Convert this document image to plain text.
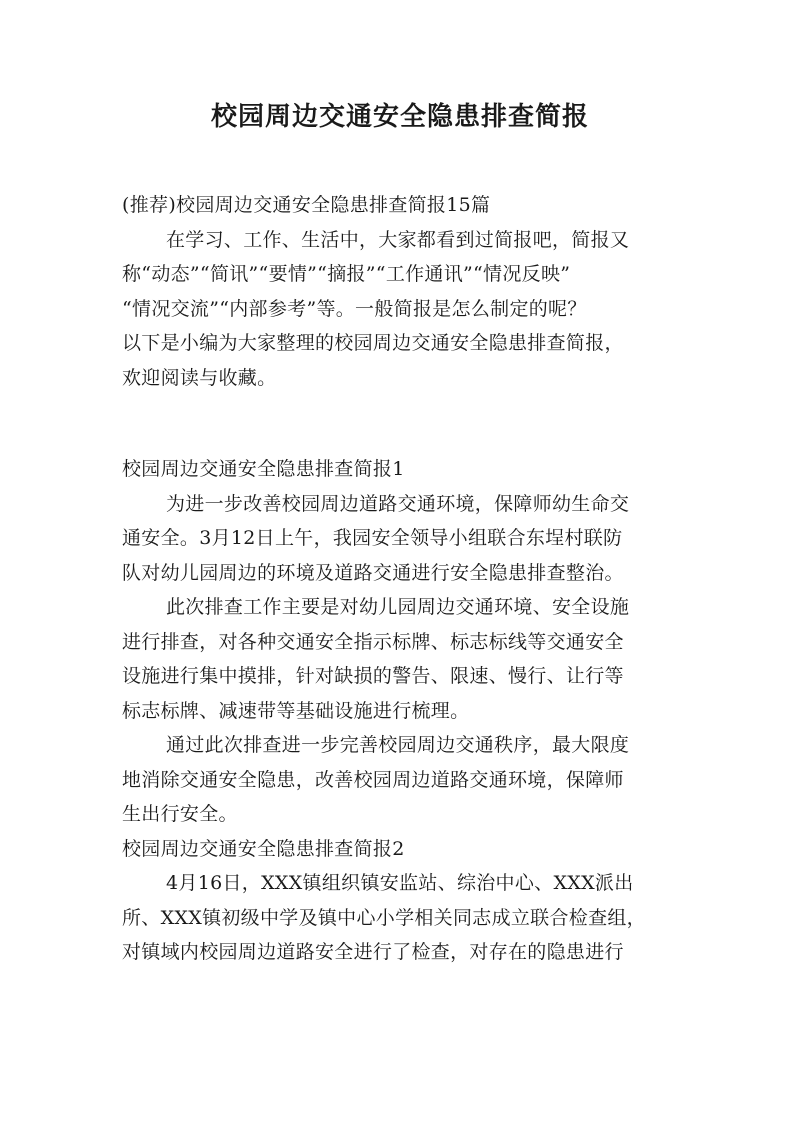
校园周边交通安全隐患排查简报
(推荐)校园周边交通安全隐患排查简报15篇
在学习、工作、生活中，大家都看到过简报吧，简报又
称“动态”“简讯”“要情”“摘报”“工作通讯”“情况反映”
“情况交流”“内部参考”等。一般简报是怎么制定的呢？
以下是小编为大家整理的校园周边交通安全隐患排查简报，
欢迎阅读与收藏。
校园周边交通安全隐患排查简报1
为进一步改善校园周边道路交通环境，保障师幼生命交
通安全。3月12日上午，我园安全领导小组联合东埕村联防
队对幼儿园周边的环境及道路交通进行安全隐患排查整治。
此次排查工作主要是对幼儿园周边交通环境、安全设施
进行排查，对各种交通安全指示标牌、标志标线等交通安全
设施进行集中摸排，针对缺损的警告、限速、慢行、让行等
标志标牌、减速带等基础设施进行梳理。
通过此次排查进一步完善校园周边交通秩序，最大限度
地消除交通安全隐患，改善校园周边道路交通环境，保障师
生出行安全。
校园周边交通安全隐患排查简报2
4月16日，XXX镇组织镇安监站、综治中心、XXX派出
所、XXX镇初级中学及镇中心小学相关同志成立联合检查组，
对镇域内校园周边道路安全进行了检查，对存在的隐患进行
